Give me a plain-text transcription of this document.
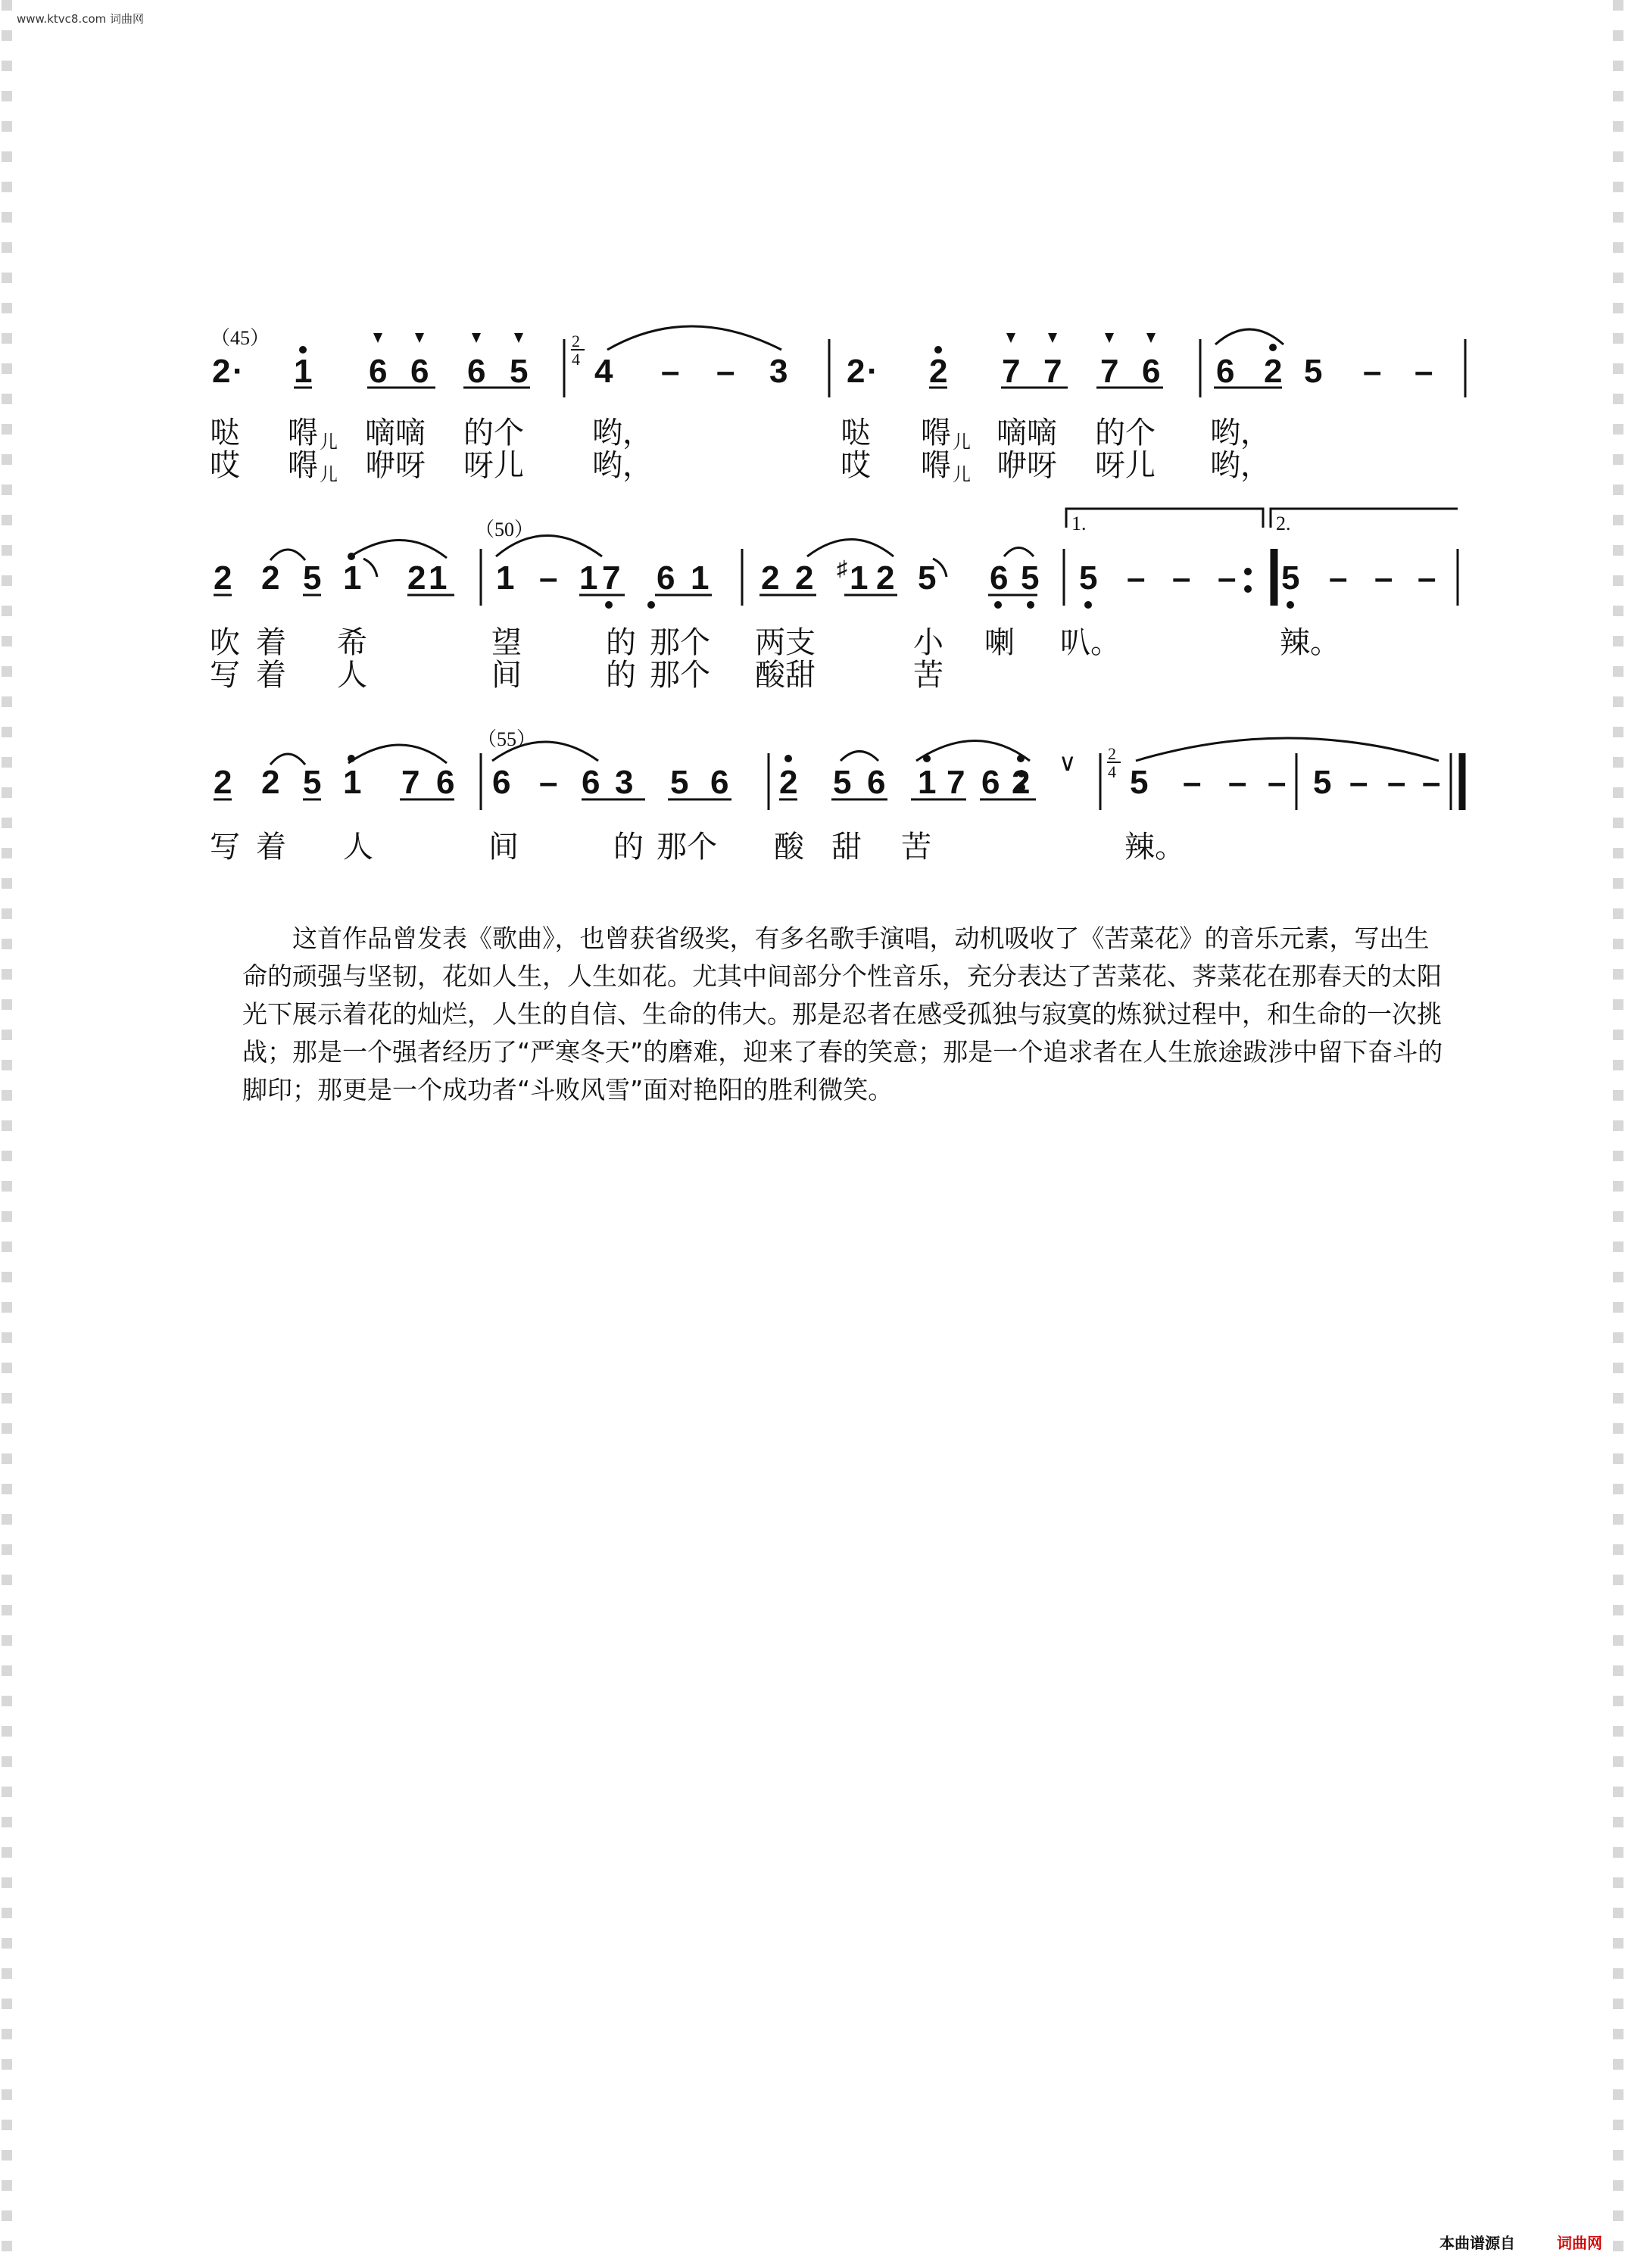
www.ktvc8.com 词曲网
（45）
（50）
（55）
2
4
2
4
1.	2.
2 · 1 6 6 6 5 4 – – 3 2 · 2 7 7 7 6 6 2 5 – –
哒 嘚 儿 嘀嘀 的个 哟，	哒 嘚 儿 嘀嘀 的个 哟，
哎 嘚 儿 咿呀 呀儿 哟，	哎 嘚 儿 咿呀 呀儿 哟，
2 2 5 1 2 1 1 – 1 7 6 1 2 2 ♯ 1 2 5 6 5 5 – – – 5 – – –
吹 着 希	望	的 那个 两支	小 喇 叭。	辣。
写 着 人	间	的 那个 酸甜	苦
2 2 5 1 7 6 6 – 6 3 5 6 2 5 6 1 7 6 2
∨
5 – – – 5 – – –
写 着 人	间	的 那个 酸 甜 苦	辣。

这首作品曾发表《歌曲》，也曾获省级奖，有多名歌手演唱，动机吸收了《苦菜花》的音乐元素，写出生命的顽强与坚韧，花如人生，人生如花。尤其中间部分个性音乐，充分表达了苦菜花、荠菜花在那春天的太阳光下展示着花的灿烂，人生的自信、生命的伟大。那是忍者在感受孤独与寂寞的炼狱过程中，和生命的一次挑战；那是一个强者经历了“严寒冬天”的磨难，迎来了春的笑意；那是一个追求者在人生旅途跋涉中留下奋斗的脚印；那更是一个成功者“斗败风雪”面对艳阳的胜利微笑。

本曲谱源自	词曲网
